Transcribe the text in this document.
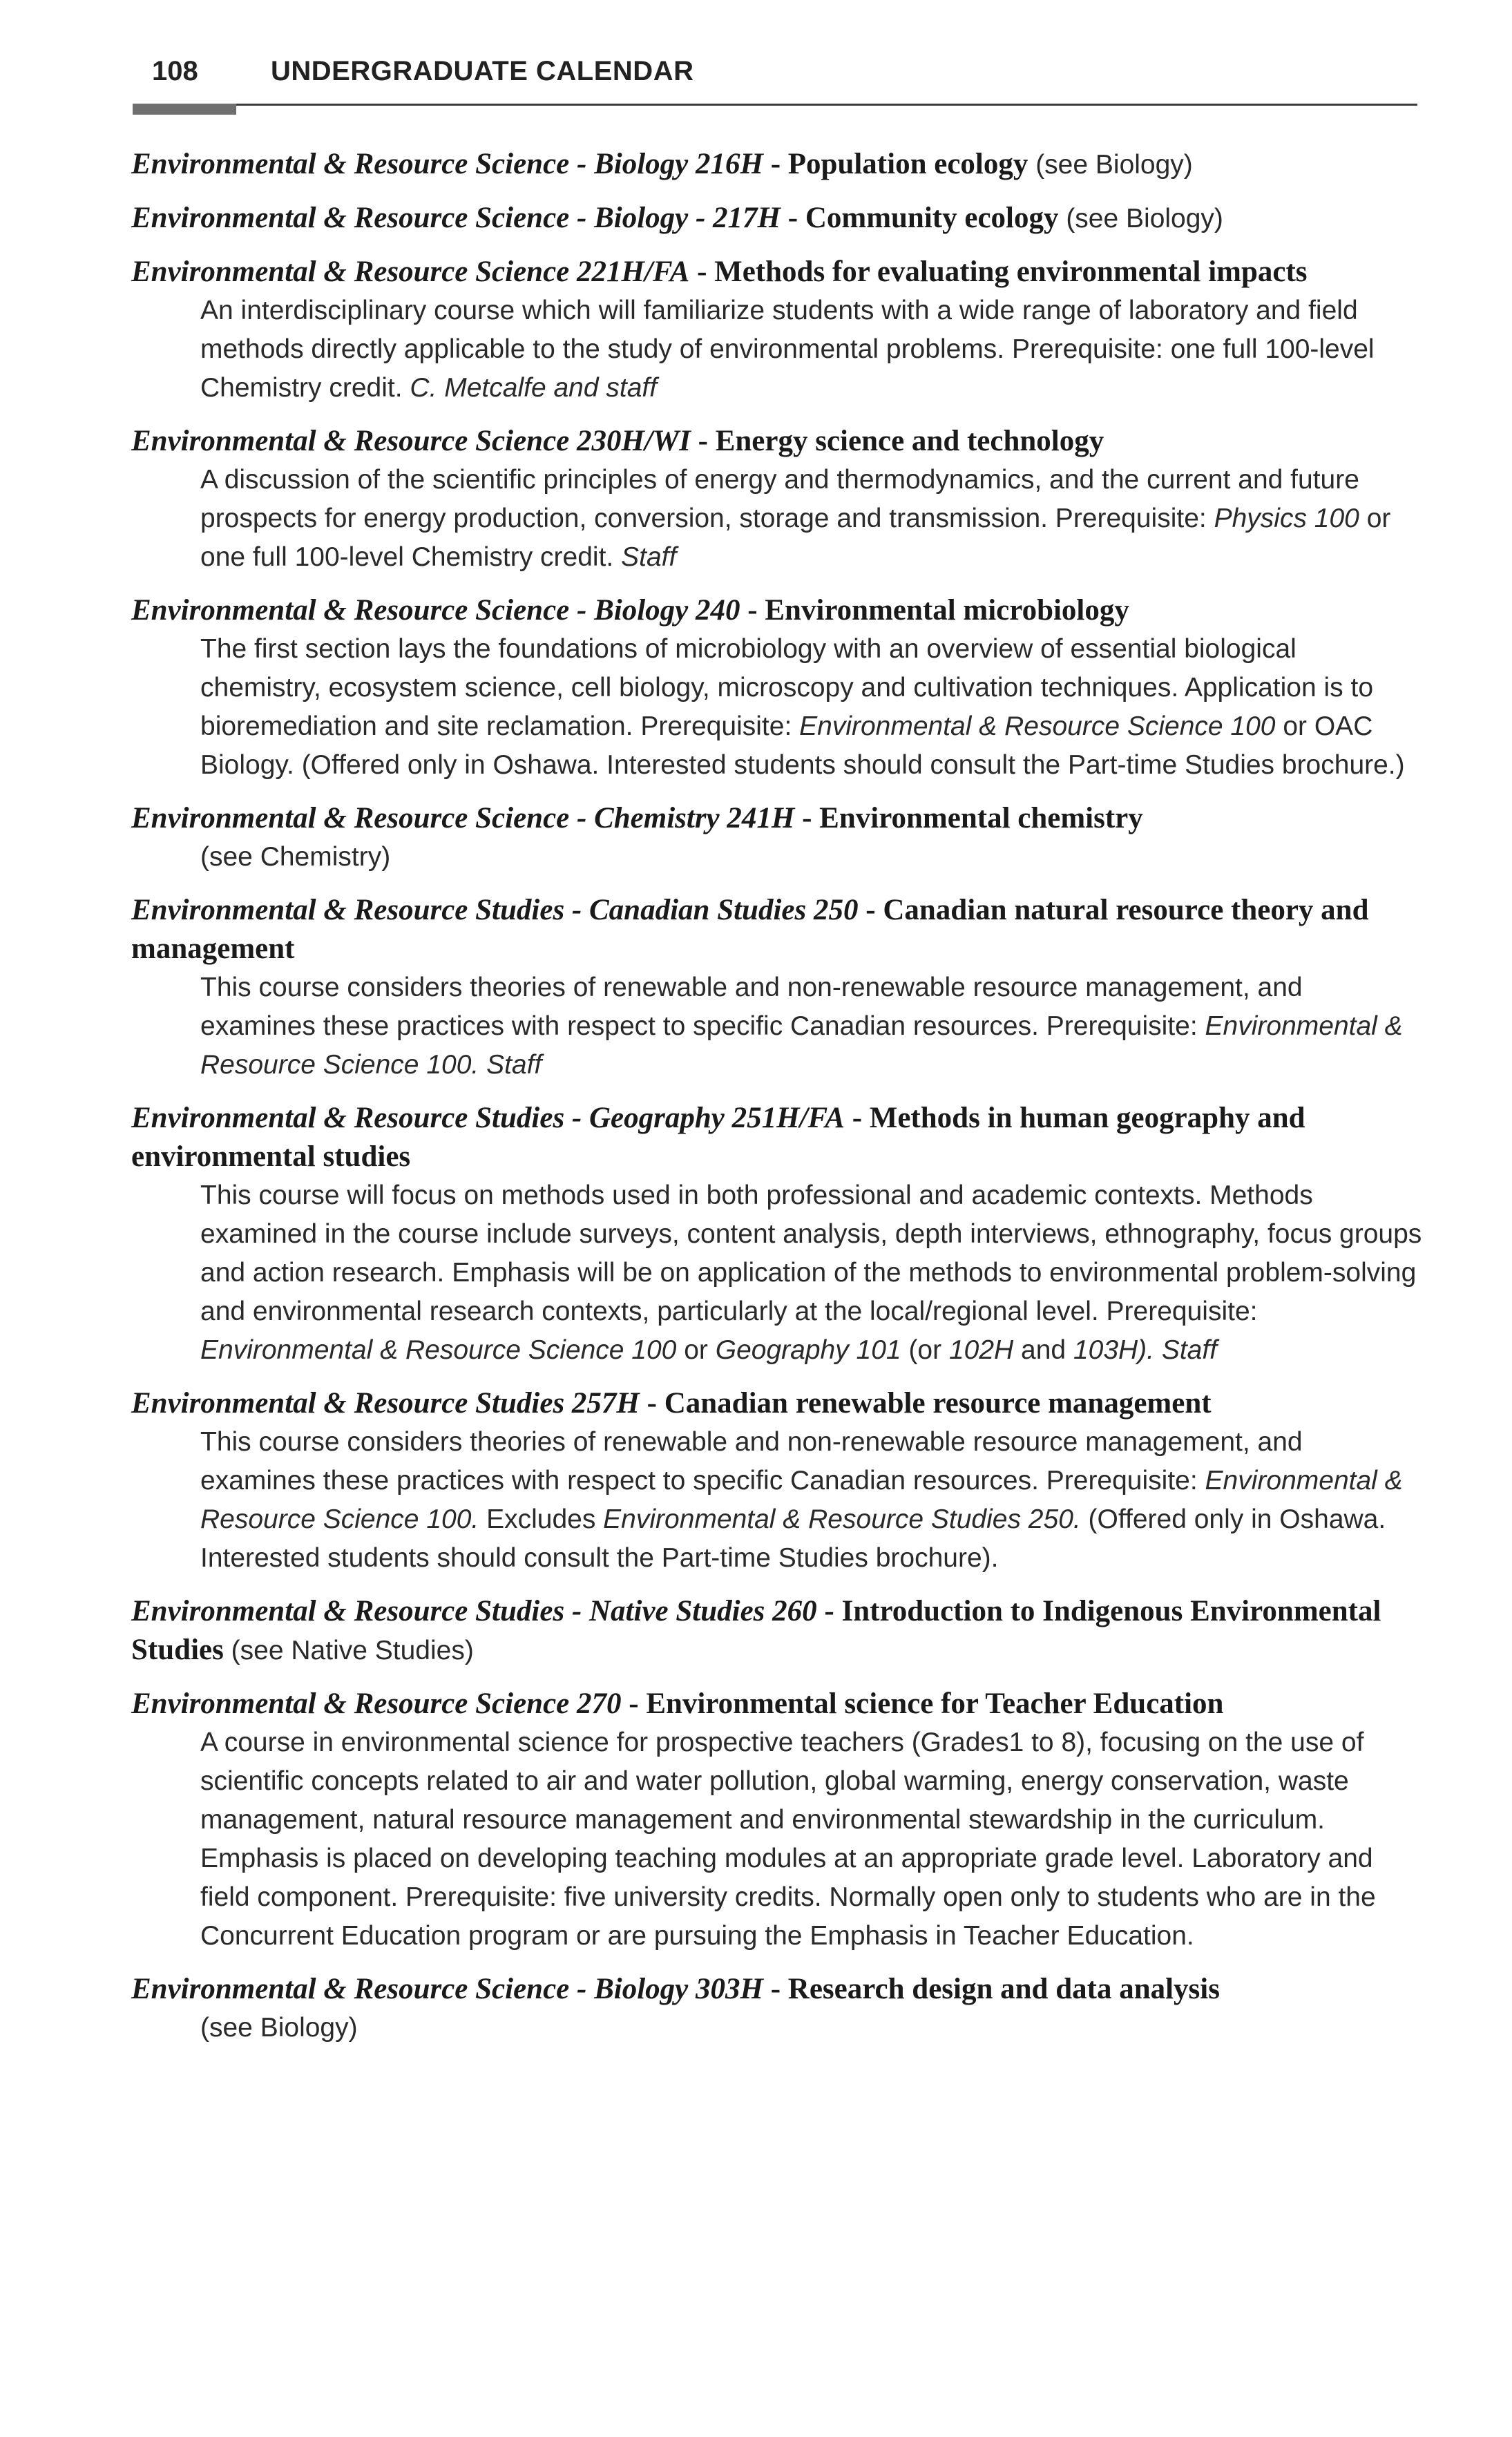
108	UNDERGRADUATE CALENDAR
Environmental & Resource Science - Biology 216H - Population ecology (see Biology)
Environmental & Resource Science - Biology - 217H - Community ecology (see Biology)
Environmental & Resource Science 221H/FA - Methods for evaluating environmental impacts
An interdisciplinary course which will familiarize students with a wide range of laboratory and field methods directly applicable to the study of environmental problems. Prerequisite: one full 100-level Chemistry credit. C. Metcalfe and staff
Environmental & Resource Science 230H/WI - Energy science and technology
A discussion of the scientific principles of energy and thermodynamics, and the current and future prospects for energy production, conversion, storage and transmission. Prerequisite: Physics 100 or one full 100-level Chemistry credit. Staff
Environmental & Resource Science - Biology 240 - Environmental microbiology
The first section lays the foundations of microbiology with an overview of essential biological chemistry, ecosystem science, cell biology, microscopy and cultivation techniques. Application is to bioremediation and site reclamation. Prerequisite: Environmental & Resource Science 100 or OAC Biology. (Offered only in Oshawa. Interested students should consult the Part-time Studies brochure.)
Environmental & Resource Science - Chemistry 241H - Environmental chemistry
(see Chemistry)
Environmental & Resource Studies - Canadian Studies 250 - Canadian natural resource theory and management
This course considers theories of renewable and non-renewable resource management, and examines these practices with respect to specific Canadian resources. Prerequisite: Environmental & Resource Science 100. Staff
Environmental & Resource Studies - Geography 251H/FA - Methods in human geography and environmental studies
This course will focus on methods used in both professional and academic contexts. Methods examined in the course include surveys, content analysis, depth interviews, ethnography, focus groups and action research. Emphasis will be on application of the methods to environmental problem-solving and environmental research contexts, particularly at the local/regional level. Prerequisite: Environmental & Resource Science 100 or Geography 101 (or 102H and 103H). Staff
Environmental & Resource Studies 257H - Canadian renewable resource management
This course considers theories of renewable and non-renewable resource management, and examines these practices with respect to specific Canadian resources. Prerequisite: Environmental & Resource Science 100. Excludes Environmental & Resource Studies 250. (Offered only in Oshawa. Interested students should consult the Part-time Studies brochure).
Environmental & Resource Studies - Native Studies 260 - Introduction to Indigenous Environmental Studies (see Native Studies)
Environmental & Resource Science 270 - Environmental science for Teacher Education
A course in environmental science for prospective teachers (Grades1 to 8), focusing on the use of scientific concepts related to air and water pollution, global warming, energy conservation, waste management, natural resource management and environmental stewardship in the curriculum. Emphasis is placed on developing teaching modules at an appropriate grade level. Laboratory and field component. Prerequisite: five university credits. Normally open only to students who are in the Concurrent Education program or are pursuing the Emphasis in Teacher Education.
Environmental & Resource Science - Biology 303H - Research design and data analysis
(see Biology)
